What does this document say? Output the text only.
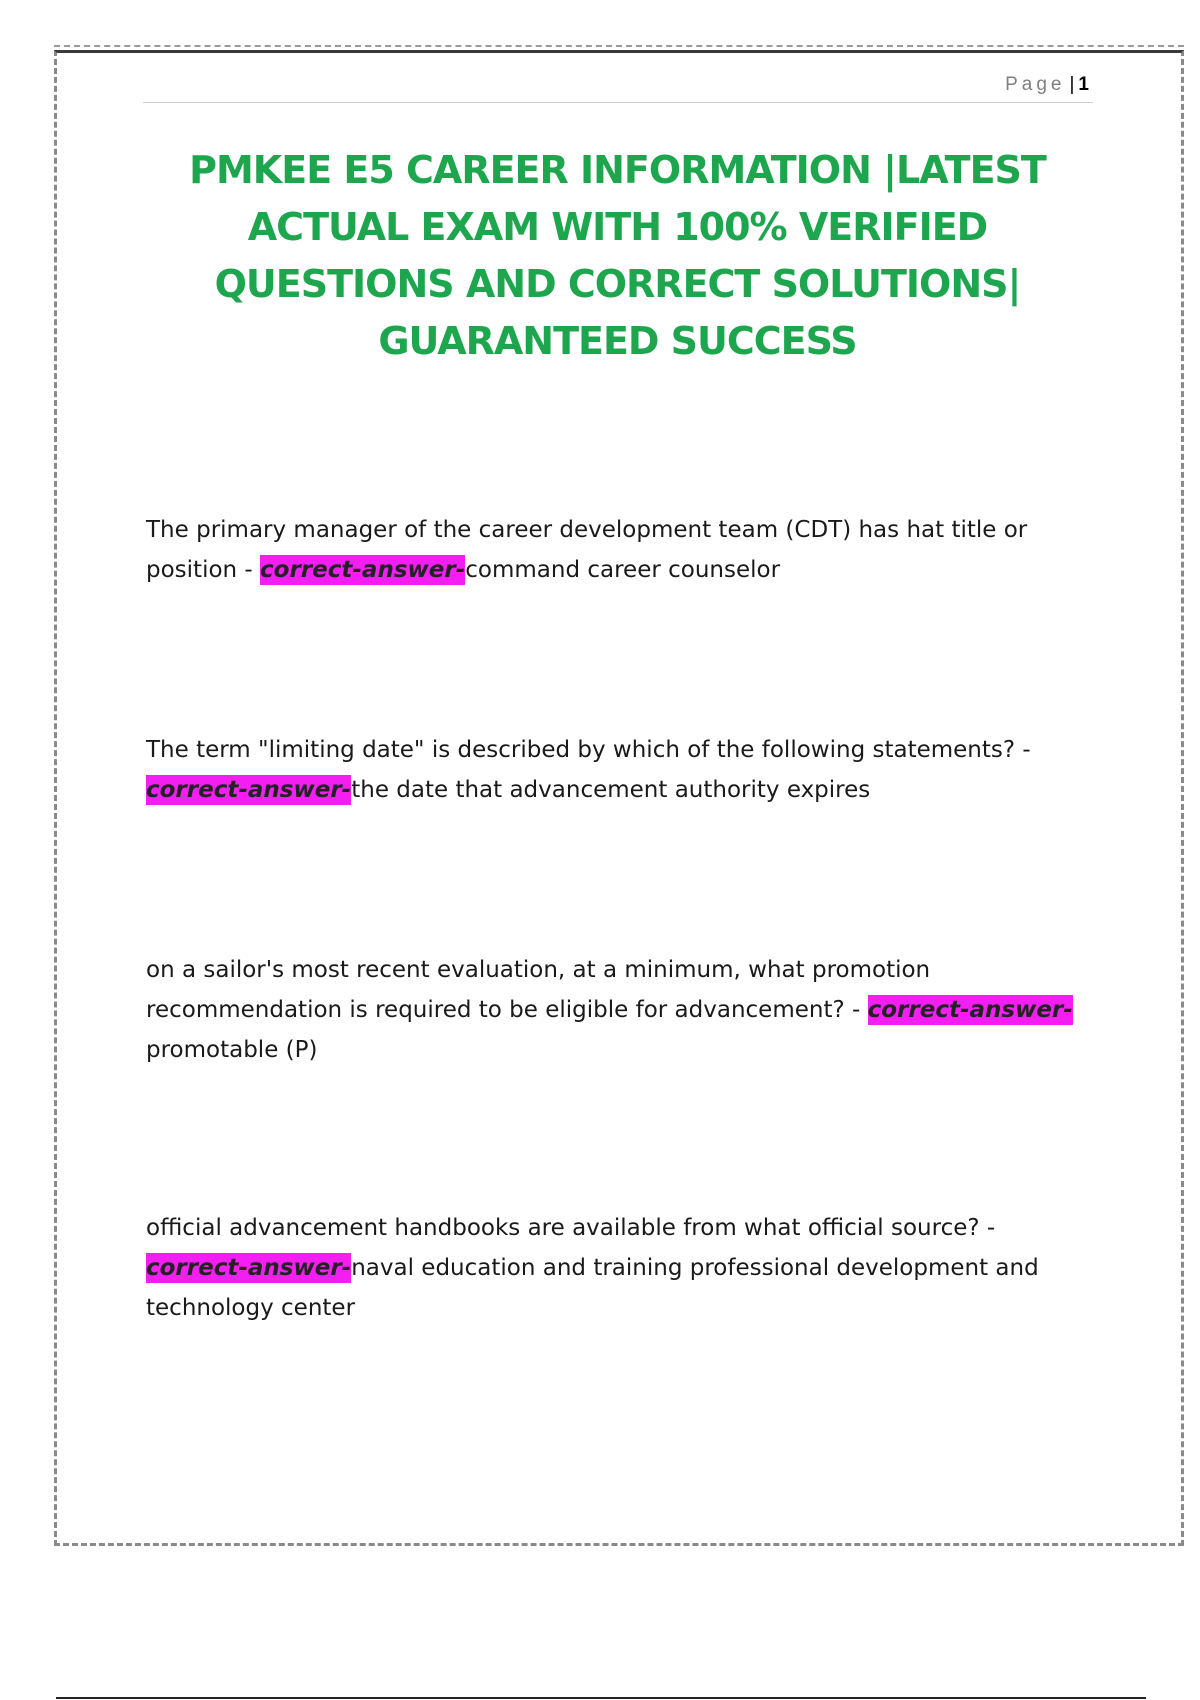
Page | 1
PMKEE E5 CAREER INFORMATION |LATEST ACTUAL EXAM WITH 100% VERIFIED QUESTIONS AND CORRECT SOLUTIONS| GUARANTEED SUCCESS
The primary manager of the career development team (CDT) has hat title or position - correct-answer-command career counselor
The term "limiting date" is described by which of the following statements? - correct-answer-the date that advancement authority expires
on a sailor's most recent evaluation, at a minimum, what promotion recommendation is required to be eligible for advancement? - correct-answer-promotable (P)
official advancement handbooks are available from what official source? - correct-answer-naval education and training professional development and technology center
